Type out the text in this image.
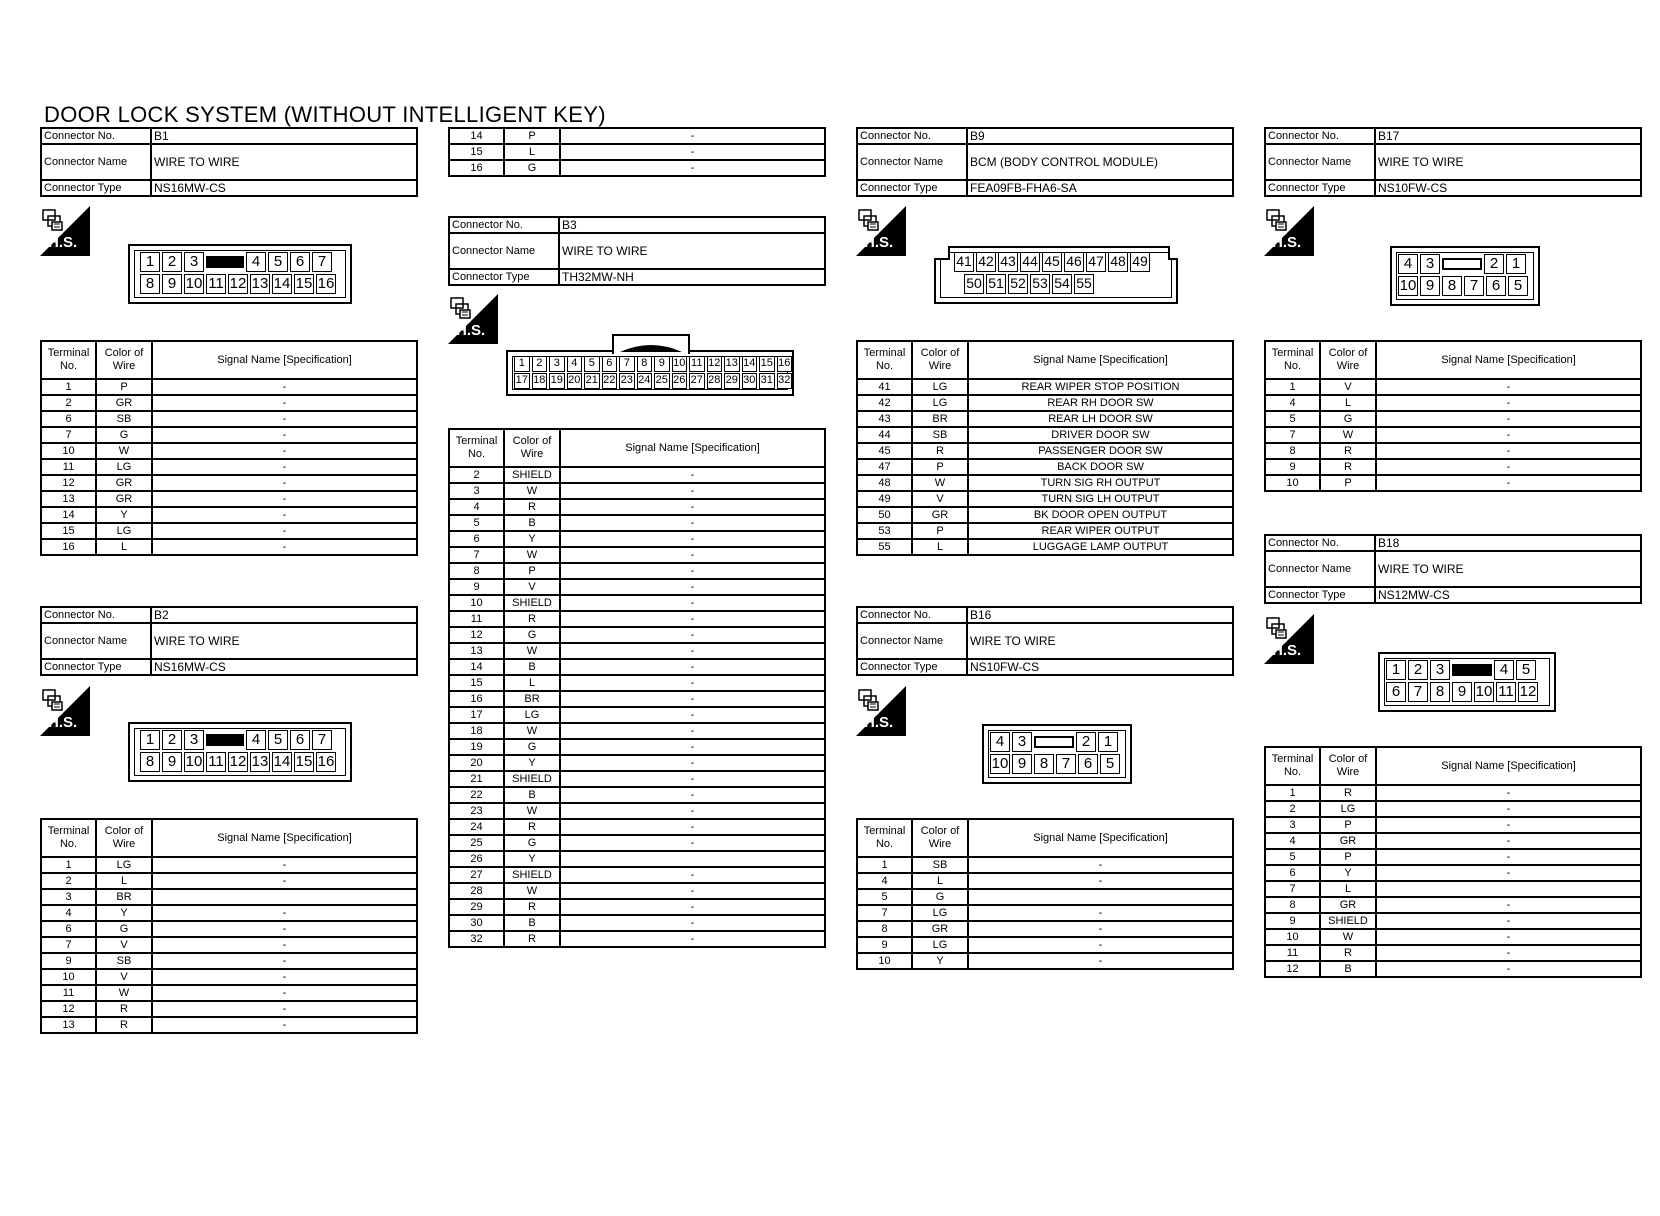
DOOR LOCK SYSTEM (WITHOUT INTELLIGENT KEY)
Connector No.	B1
Connector Name	WIRE TO WIRE
Connector Type	NS16MW-CS
H.S.
1 2 3	4 5 6 7
8 9 10 11 12 13 14 15 16
Terminal No.	Color of Wire	Signal Name [Specification]
1	P	-
2	GR	-
6	SB	-
7	G	-
10	W	-
11	LG	-
12	GR	-
13	GR	-
14	Y	-
15	LG	-
16	L	-
Connector No.	B2
Connector Name	WIRE TO WIRE
Connector Type	NS16MW-CS
H.S.
1 2 3	4 5 6 7
8 9 10 11 12 13 14 15 16
Terminal No.	Color of Wire	Signal Name [Specification]
1	LG	-
2	L	-
3	BR	
4	Y	-
6	G	-
7	V	-
9	SB	-
10	V	-
11	W	-
12	R	-
13	R	-
14	P	-
15	L	-
16	G	-
Connector No.	B3
Connector Name	WIRE TO WIRE
Connector Type	TH32MW-NH
H.S.
1	2	3	4	5	6	7	8	9 10 11 12 13 14 15 16
17 18 19 20 21 22 23 24 25 26 27 28 29 30 31 32
Terminal No.	Color of Wire	Signal Name [Specification]
2	SHIELD	-
3	W	-
4	R	-
5	B	-
6	Y	-
7	W	-
8	P	-
9	V	-
10	SHIELD	-
11	R	-
12	G	-
13	W	-
14	B	-
15	L	-
16	BR	-
17	LG	-
18	W	-
19	G	-
20	Y	-
21	SHIELD	-
22	B	-
23	W	-
24	R	-
25	G	-
26	Y	
27	SHIELD	-
28	W	-
29	R	-
30	B	-
32	R	-
Connector No.	B9
Connector Name	BCM (BODY CONTROL MODULE)
Connector Type	FEA09FB-FHA6-SA
H.S.
41 42 43 44 45 46 47 48 49
50 51 52 53 54 55
Terminal No.	Color of Wire	Signal Name [Specification]
41	LG	REAR WIPER STOP POSITION
42	LG	REAR RH DOOR SW
43	BR	REAR LH DOOR SW
44	SB	DRIVER DOOR SW
45	R	PASSENGER DOOR SW
47	P	BACK DOOR SW
48	W	TURN SIG RH OUTPUT
49	V	TURN SIG LH OUTPUT
50	GR	BK DOOR OPEN OUTPUT
53	P	REAR WIPER OUTPUT
55	L	LUGGAGE LAMP OUTPUT
Connector No.	B16
Connector Name	WIRE TO WIRE
Connector Type	NS10FW-CS
H.S.
4 3	2 1
10 9 8 7 6 5
Terminal No.	Color of Wire	Signal Name [Specification]
1	SB	-
4	L	-
5	G	
7	LG	-
8	GR	-
9	LG	-
10	Y	-
Connector No.	B17
Connector Name	WIRE TO WIRE
Connector Type	NS10FW-CS
H.S.
4 3	2 1
10 9 8 7 6 5
Terminal No.	Color of Wire	Signal Name [Specification]
1	V	-
4	L	-
5	G	-
7	W	-
8	R	-
9	R	-
10	P	-
Connector No.	B18
Connector Name	WIRE TO WIRE
Connector Type	NS12MW-CS
H.S.
1 2 3	4 5
6 7 8 9 10 11 12
Terminal No.	Color of Wire	Signal Name [Specification]
1	R	-
2	LG	-
3	P	-
4	GR	-
5	P	-
6	Y	-
7	L	
8	GR	-
9	SHIELD	-
10	W	-
11	R	-
12	B	-
